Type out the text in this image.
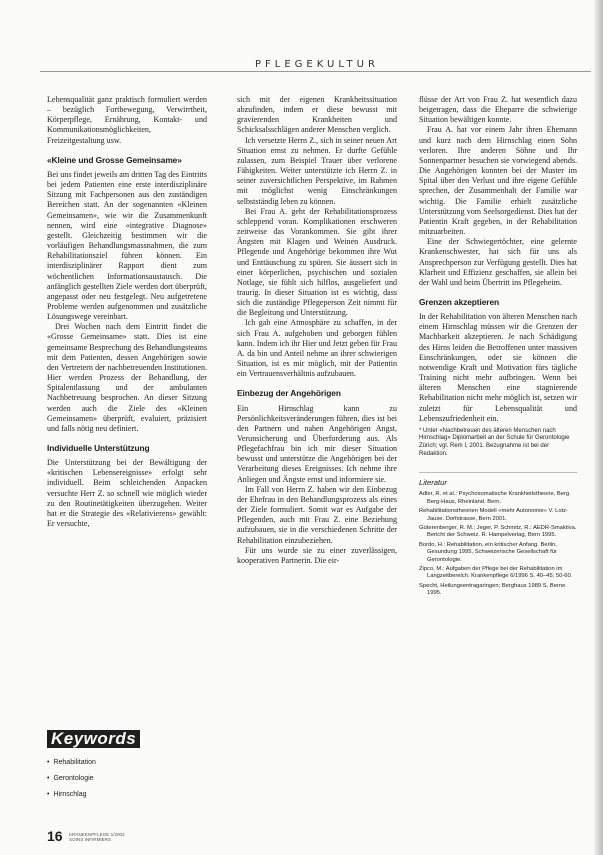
PFLEGEKULTUR

Lebensqualität ganz praktisch formuliert werden – bezüglich Fortbewegung, Verwirrtheit, Körperpflege, Ernährung, Kontakt- und Kommunikationsmöglichkeiten, Freizeitgestaltung usw.

«Kleine und Grosse Gemeinsame»

Bei uns findet jeweils am dritten Tag des Eintritts bei jedem Patienten eine erste interdisziplinäre Sitzung mit Fachpersonen aus den zuständigen Bereichen statt. An der sogenannten «Kleinen Gemeinsamen», wie wir die Zusammenkunft nennen, wird eine «integrative Diagnose» gestellt. Gleichzeitig bestimmen wir die vorläufigen Behandlungsmassnahmen, die zum Rehabilitationsziel führen können. Ein interdisziplinärer Rapport dient zum wöchentlichen Informationsaustausch. Die anfänglich gestellten Ziele werden dort überprüft, angepasst oder neu festgelegt. Neu aufgetretene Probleme werden aufgenommen und zusätzliche Lösungswege vereinbart.

Drei Wochen nach dem Eintritt findet die «Grosse Gemeinsame» statt. Dies ist eine gemeinsame Besprechung des Behandlungsteams mit dem Patienten, dessen Angehörigen sowie den Vertretern der nachbetreuenden Institutionen. Hier werden Prozess der Behandlung, der Spitalentlassung und der ambulanten Nachbetreuung besprochen. An dieser Sitzung werden auch die Ziele des «Kleinen Gemeinsamen» überprüft, evaluiert, präzisiert und falls nötig neu definiert.

Individuelle Unterstützung

Die Unterstützung bei der Bewältigung der «kritischen Lebensereignisse» erfolgt sehr individuell. Beim schleichenden Anpacken versuchte Herr Z. so schnell wie möglich wieder zu den Routinetätigkeiten überzugehen. Weiter hat er die Strategie des «Relativierens» gewählt: Er versuchte,

sich mit der eigenen Krankheitssituation abzufinden, indem er diese bewusst mit gravierenden Krankheiten und Schicksalsschlägen anderer Menschen verglich.

Ich versetzte Herrn Z., sich in seiner neuen Art Situation ernst zu nehmen. Er durfte Gefühle zulassen, zum Beispiel Trauer über verlorene Fähigkeiten. Weiter unterstützte ich Herrn Z. in seiner zuversichtlichen Perspektive, im Rahmen mit möglichst wenig Einschränkungen selbstständig leben zu können.

Bei Frau A. geht der Rehabilitationsprozess schleppend voran. Komplikationen erschweren zeitweise das Vorankommen. Sie gibt ihrer Ängsten mit Klagen und Weinen Ausdruck. Pflegende und Angehörige bekommen ihre Wut und Enttäuschung zu spüren. Sie äussert sich in einer körperlichen, psychischen und sozialen Notlage, sie fühlt sich hilflos, ausgeliefert und traurig. In dieser Situation ist es wichtig, dass sich die zuständige Pflegeperson Zeit nimmt für die Begleitung und Unterstützung.

Ich gab eine Atmosphäre zu schaffen, in der sich Frau A. aufgehoben und geborgen fühlen kann. Indem ich ihr Hier und Jetzt geben für Frau A. da bin und Anteil nehme an ihrer schwierigen Situation, ist es mir möglich, mit der Patientin ein Vertrauensverhältnis aufzubauen.

Einbezug der Angehörigen

Ein Hirnschlag kann zu Persönlichkeitsveränderungen führen, dies ist bei den Partnern und nahen Angehörigen Angst, Verunsicherung und Überforderung aus. Als Pflegefachfrau bin ich mir dieser Situation bewusst und unterstütze die Angehörigen bei der Verarbeitung dieses Ereignisses. Ich nehme ihre Anliegen und Ängste ernst und informiere sie.

Im Fall von Herrn Z. haben wir den Einbezug der Ehefrau in den Behandlungsprozess als eines der Ziele formuliert. Somit war es Aufgabe der Pflegenden, auch mit Frau Z. eine Beziehung aufzubauen, sie in die verschiedenen Schritte der Rehabilitation einzubeziehen.

Für uns wurde sie zu einer zuverlässigen, kooperativen Partnerin. Die eir-

flüsse der Art von Frau Z. hat wesentlich dazu beigetragen, dass die Eheparre die schwierige Situation bewältigen konnte.

Frau A. hat vor einem Jahr ihren Ehemann und kurz nach dem Hirnschlag einen Sohn verloren. Ihre anderen Söhne und Ihr Sonnenpartner besuchen sie vorwiegend abends. Die Angehörigen konnten bei der Muster im Spital über den Verlust und ihre eigene Gefühle sprechen, der Zusammenhalt der Familie war wichtig. Die Familie erhielt zusätzliche Unterstützung vom Seelsorgedienst. Dies hat der Patientin Kraft gegeben, in der Rehabilitation mitzuarbeiten.

Eine der Schwiegertöchter, eine gelernte Krankenschwester, hat sich für uns als Ansprechperson zur Verfügung gestellt. Dies hat Klarheit und Effizienz geschaffen, sie allein bei der Wahl und beim Übertritt ins Pflegeheim.

Grenzen akzeptieren

In der Rehabilitation von älteren Menschen nach einem Hirnschlag müssen wir die Grenzen der Machbarkeit akzeptieren. Je nach Schädigung des Hirns leiden die Betroffenen unter massiven Einschränkungen, oder sie können die notwendige Kraft und Motivation fürs tägliche Training nicht mehr aufbringen. Wenn bei älteren Menschen eine stagnierende Rehabilitation nicht mehr möglich ist, setzen wir zuletzt für Lebensqualität und Lebenszufriedenheit ein.

* Unter «Nachbetreuen des älteren Menschen nach Hirnschlag» Diplomarbeit an der Schule für Gerontologie Zürich; vgl. Rem I, 2001. Bezugnahme ist bei der Redaktion.
Literatur
Adler, R. et al.: Psychosomatische Krankheitstheorie, Berg. Berg-Haus, Rheinland. Bern.
Rehabilitationstheorien Modell «mehr Autonomie» V. Lotz-Jause. Dorfstrasse, Bern 2001.
Güterenberger, R. M.; Jeger, P. Schmitz, R.: AEDR-Smaktiva. Bericht der Schweiz. R. Hampelverlag, Bern 1995.
Bordo, H.: Rehabilitation, ein kritischer Anfang. Berlin, Gesundung 1995, Schweizerische Gesellschaft für Gerontologie.
Zipco, M.: Aufgaben der Pflege bei der Rehabilitation im Langzeitbereich. Krankenpflege 6/1996 S. 40–45; 50-60.
Specht, Heilungsentragaringen; Berghaus 1989 S. Berne 1995.
Keywords
• Rehabilitation
• Gerontologie
• Hirnschlag
16 KRANKENPFLEGE 1/2002
SOINS INFIRMIERS
